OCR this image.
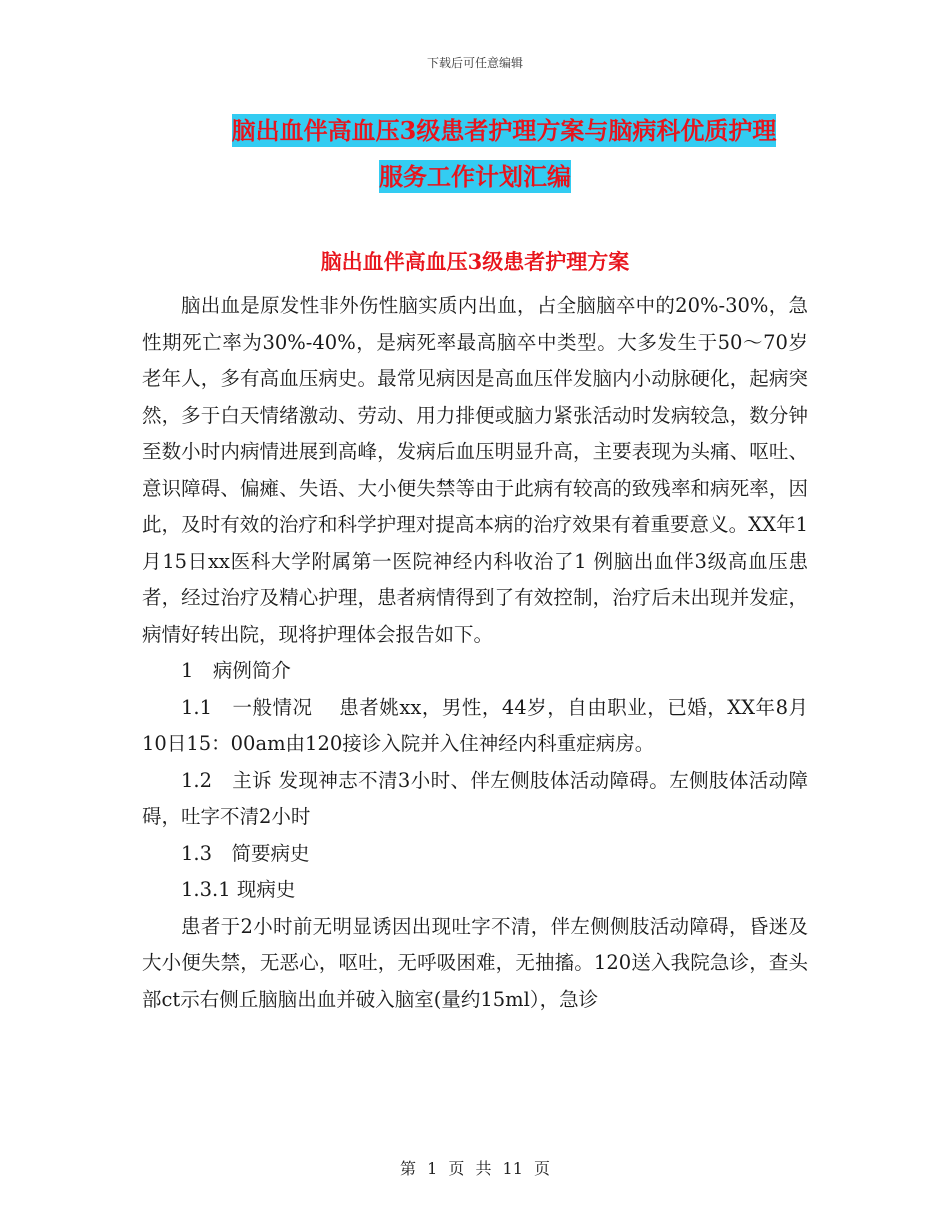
下载后可任意编辑
脑出血伴高血压3级患者护理方案与脑病科优质护理
服务工作计划汇编
脑出血伴高血压3级患者护理方案

脑出血是原发性非外伤性脑实质内出血，占全脑脑卒中的20%-30%，急性期死亡率为30%-40%，是病死率最高脑卒中类型。大多发生于50～70岁老年人，多有高血压病史。最常见病因是高血压伴发脑内小动脉硬化，起病突然，多于白天情绪激动、劳动、用力排便或脑力紧张活动时发病较急，数分钟至数小时内病情进展到高峰，发病后血压明显升高，主要表现为头痛、呕吐、意识障碍、偏瘫、失语、大小便失禁等由于此病有较高的致残率和病死率，因此，及时有效的治疗和科学护理对提高本病的治疗效果有着重要意义。XX年1月15日xx医科大学附属第一医院神经内科收治了1 例脑出血伴3级高血压患者，经过治疗及精心护理，患者病情得到了有效控制，治疗后未出现并发症，病情好转出院，现将护理体会报告如下。

1　病例简介

1.1　一般情况　 患者姚xx，男性，44岁，自由职业，已婚，XX年8月10日15：00am由120接诊入院并入住神经内科重症病房。

1.2　主诉 发现神志不清3小时、伴左侧肢体活动障碍。左侧肢体活动障碍，吐字不清2小时

1.3　简要病史

1.3.1 现病史

患者于2小时前无明显诱因出现吐字不清，伴左侧侧肢活动障碍，昏迷及大小便失禁，无恶心，呕吐，无呼吸困难，无抽搐。120送入我院急诊，查头部ct示右侧丘脑脑出血并破入脑室(量约15ml），急诊

第 1 页 共 11 页
